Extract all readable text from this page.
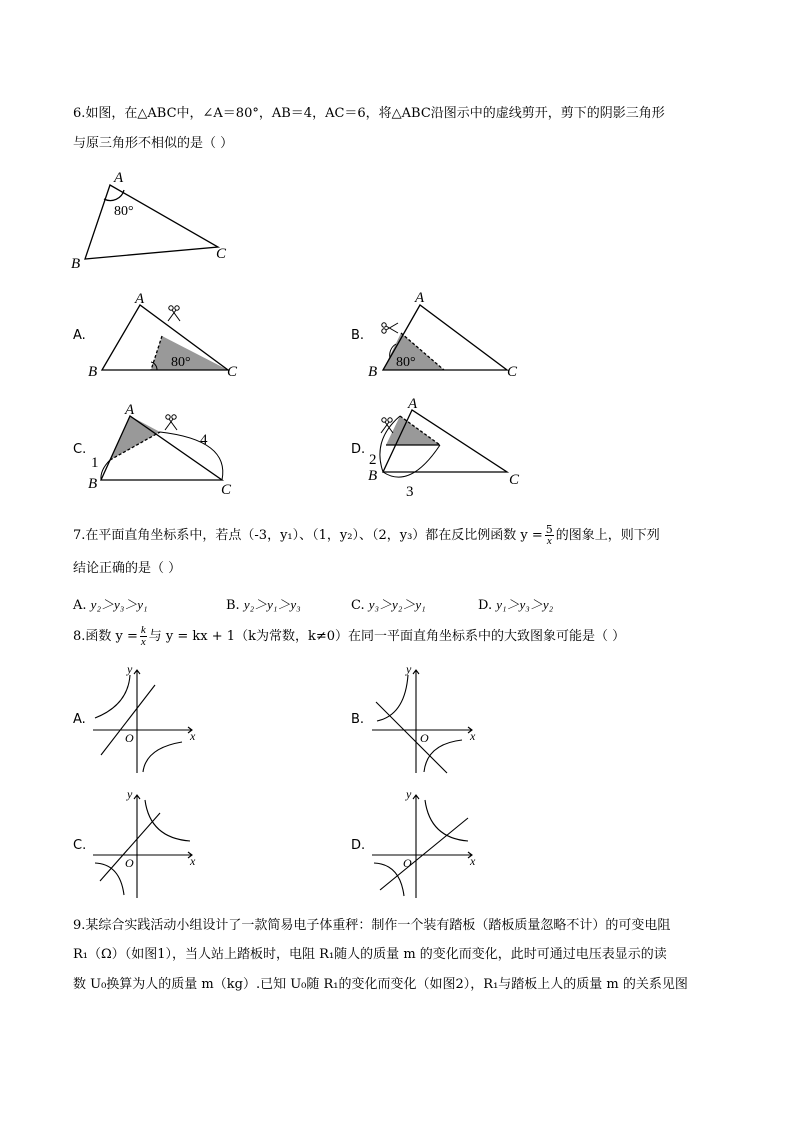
6.如图，在△ABC中，∠A＝80°，AB＝4，AC＝6，将△ABC沿图示中的虚线剪开，剪下的阴影三角形
与原三角形不相似的是（ ）
A
B
C
80°
A
B	C
80°
A
B	C
80°
A
B	C
1
4
A
B	C
2
3
x
y
O	x
y
O
x
y
O	x
y
O
A.	B.
C.	D.
7.在平面直角坐标系中，若点（-3，y₁）、（1，y₂）、（2，y₃）都在反比例函数 $y = \frac{5}{x}$ 的图象上，则下列
结论正确的是（ ）
A. y₂＞y₃＞y₁	B. y₂＞y₁＞y₃	C. y₃＞y₂＞y₁	D. y₁＞y₃＞y₂
8.函数 $y = \frac{k}{x}$ 与 y = kx + 1（k为常数，k≠0）在同一平面直角坐标系中的大致图象可能是（ ）
A.	B.
C.	D.
9.某综合实践活动小组设计了一款简易电子体重秤：制作一个装有踏板（踏板质量忽略不计）的可变电阻
R₁（Ω）（如图1），当人站上踏板时，电阻 R₁随人的质量 m 的变化而变化，此时可通过电压表显示的读
数 U₀换算为人的质量 m（kg）.已知 U₀随 R₁的变化而变化（如图2），R₁与踏板上人的质量 m 的关系见图
